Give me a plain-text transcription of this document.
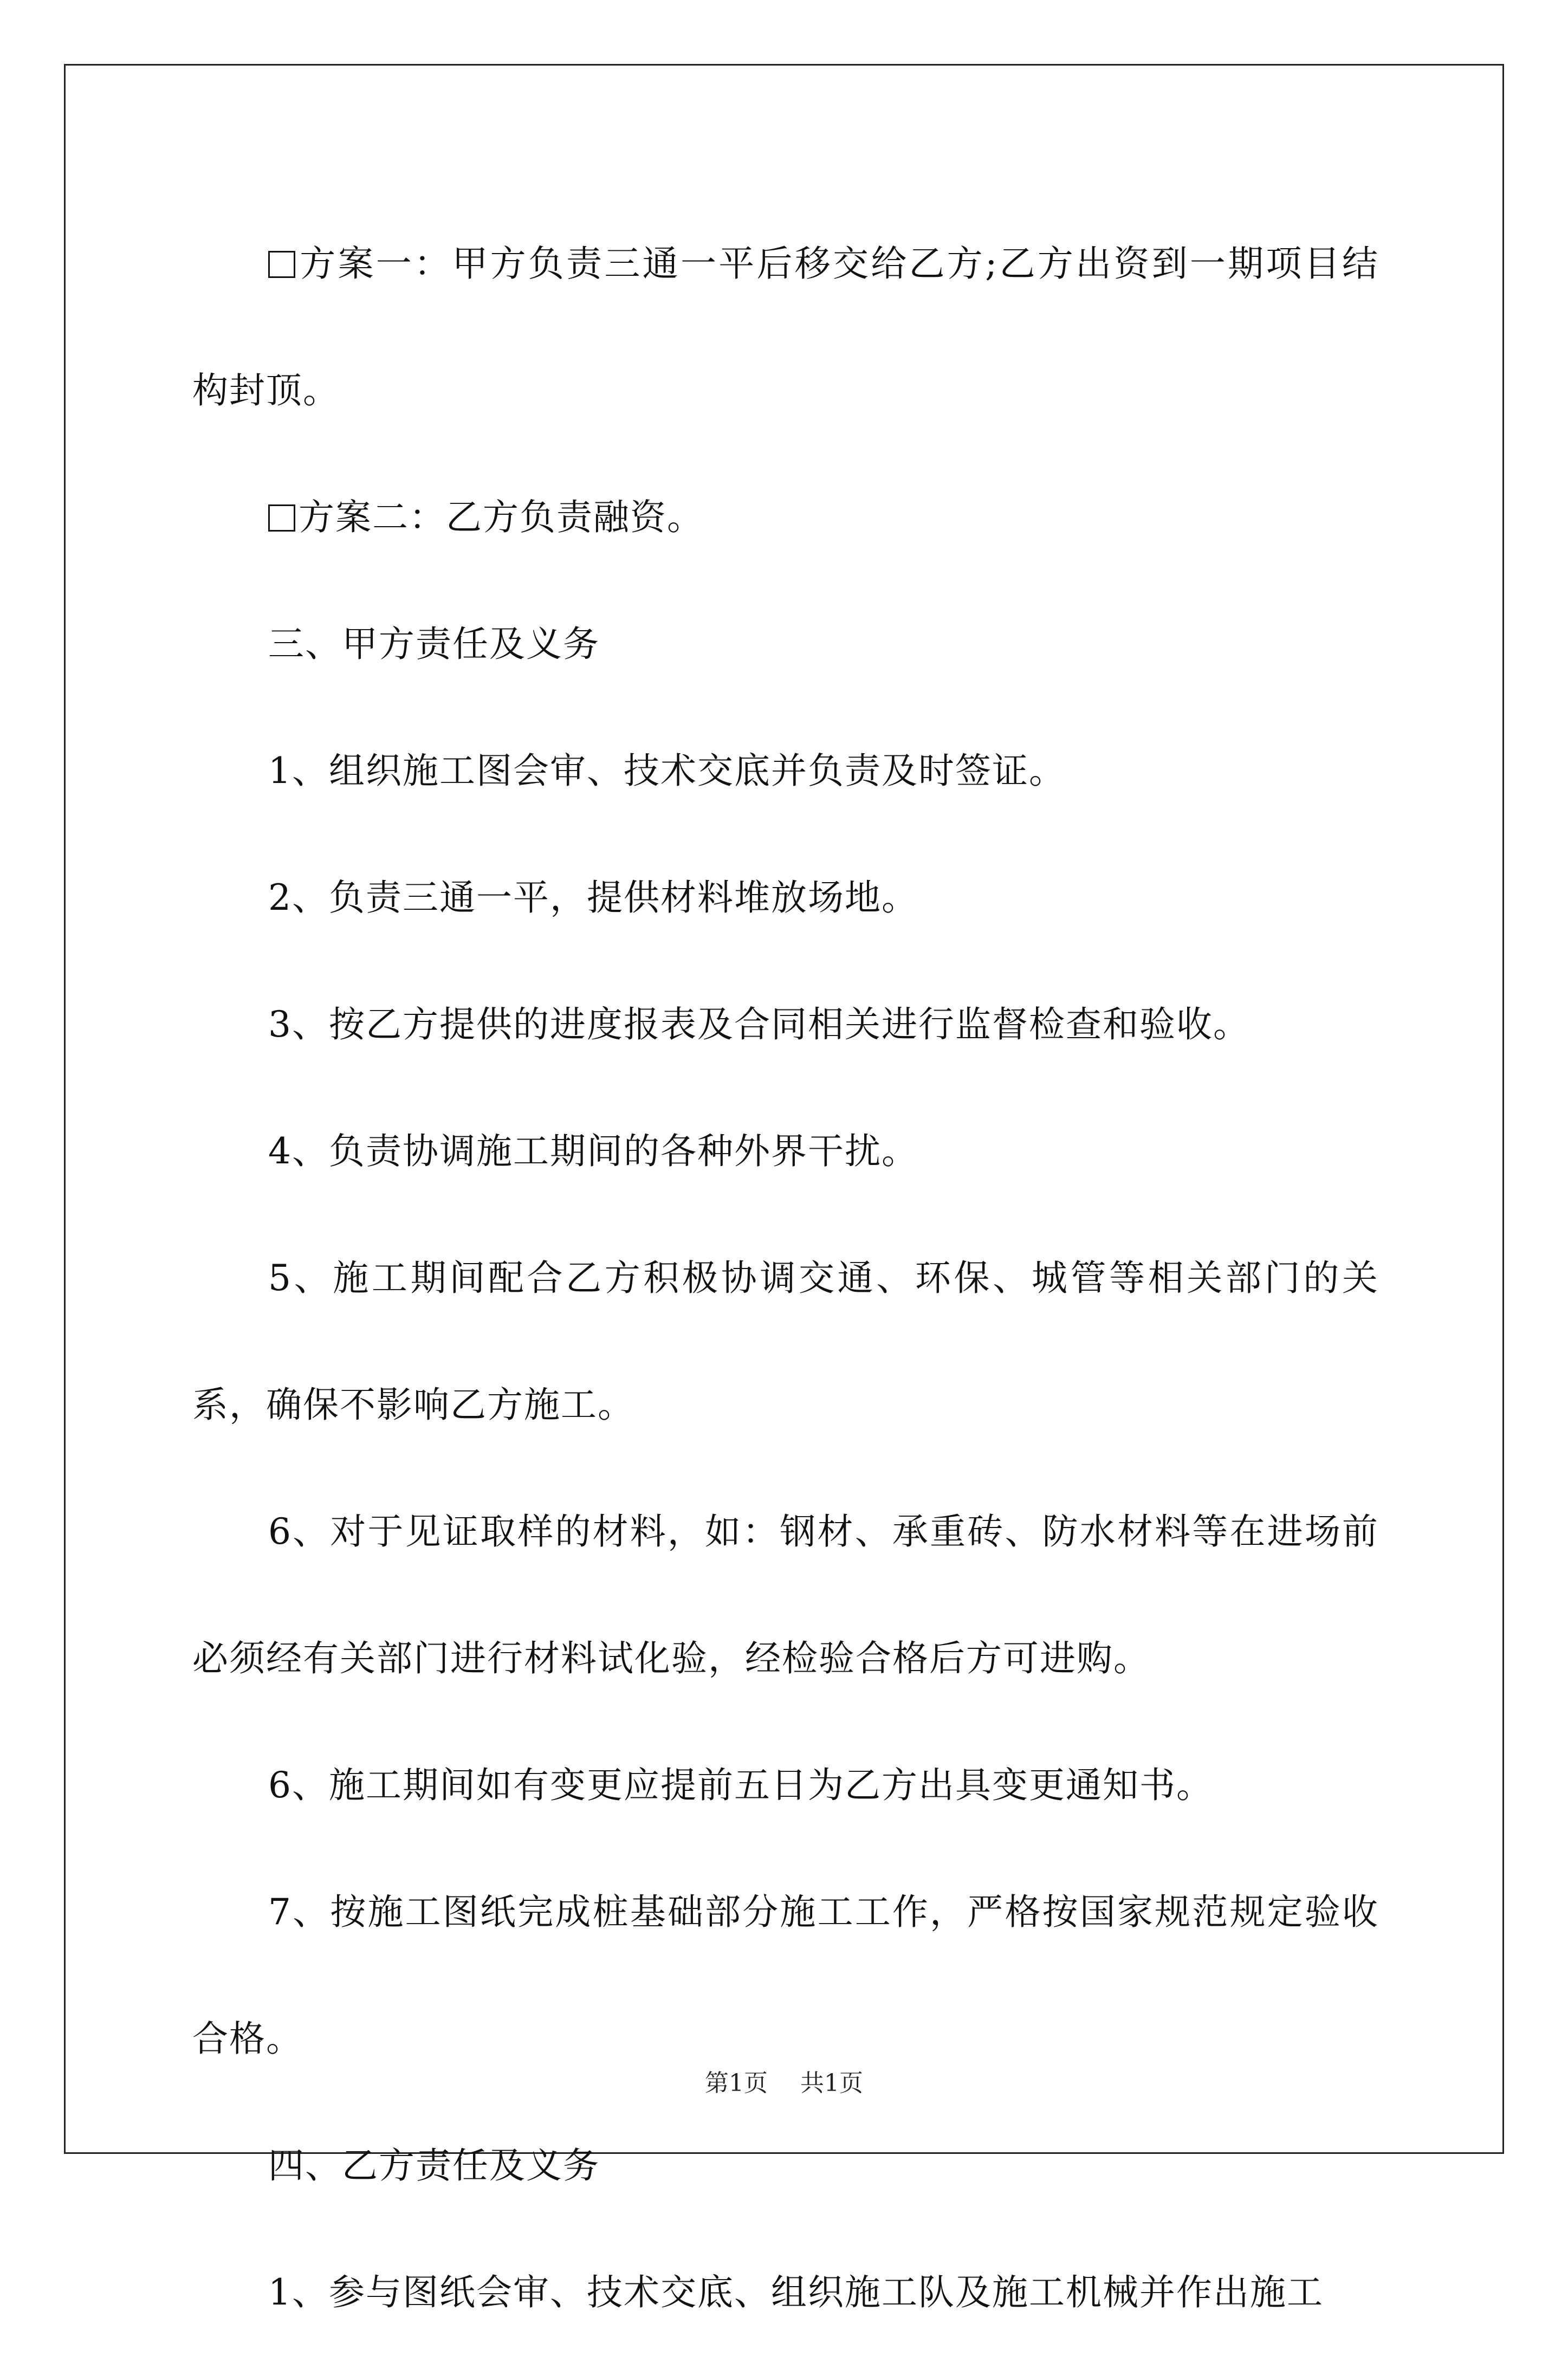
方案一：甲方负责三通一平后移交给乙方;乙方出资到一期项目结构封顶。

方案二：乙方负责融资。

三、甲方责任及义务

1、组织施工图会审、技术交底并负责及时签证。

2、负责三通一平，提供材料堆放场地。

3、按乙方提供的进度报表及合同相关进行监督检查和验收。

4、负责协调施工期间的各种外界干扰。

5、施工期间配合乙方积极协调交通、环保、城管等相关部门的关系，确保不影响乙方施工。

6、对于见证取样的材料，如：钢材、承重砖、防水材料等在进场前必须经有关部门进行材料试化验，经检验合格后方可进购。

6、施工期间如有变更应提前五日为乙方出具变更通知书。

7、按施工图纸完成桩基础部分施工工作，严格按国家规范规定验收合格。

四、乙方责任及义务

1、参与图纸会审、技术交底、组织施工队及施工机械并作出施工

第1页 共1页
